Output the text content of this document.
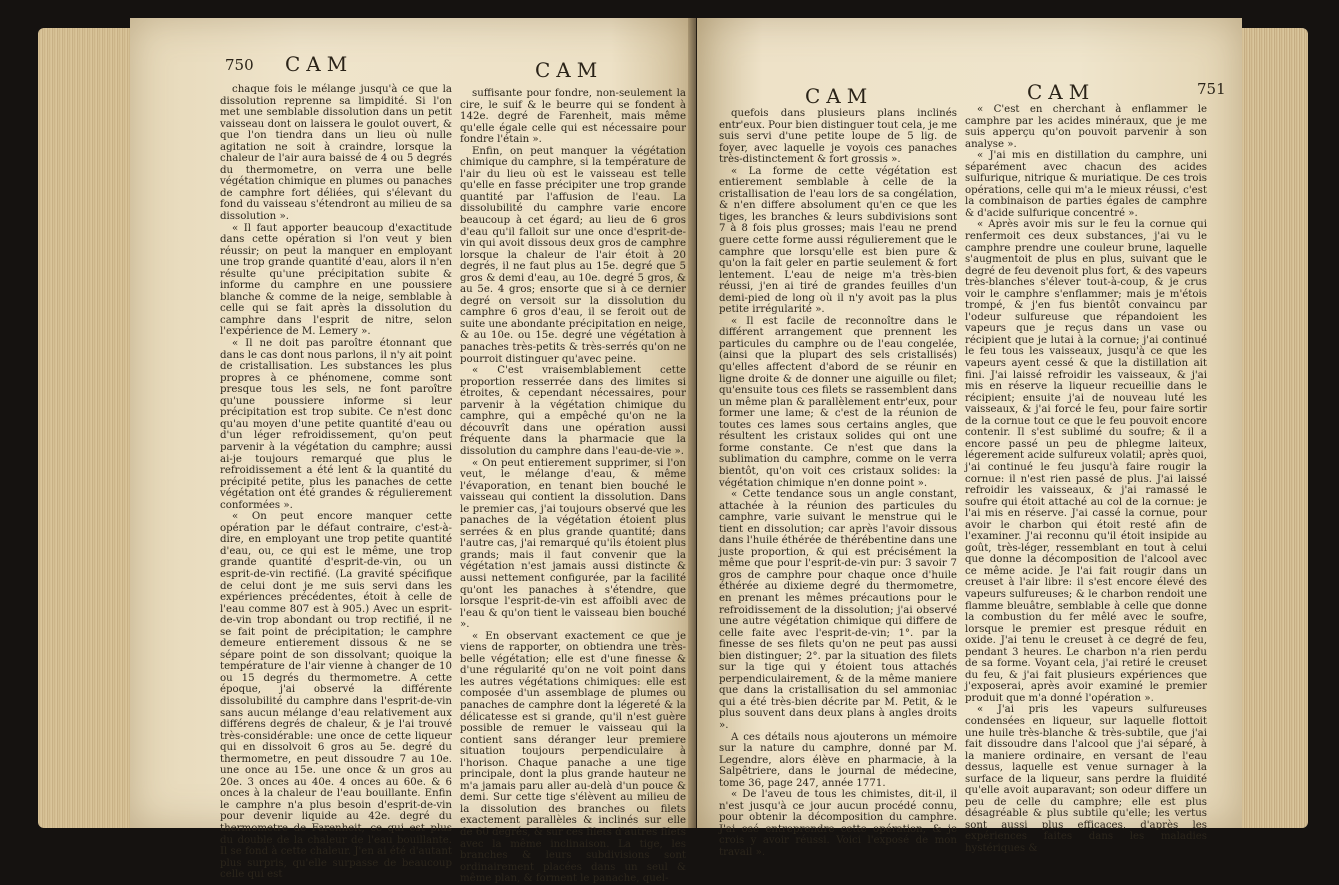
750 CAM	CAM

chaque fois le mélange jusqu'à ce que la dissolution reprenne sa limpidité. Si l'on met une semblable dissolution dans un petit vaisseau dont on laissera le goulot ouvert, & que l'on tiendra dans un lieu où nulle agitation ne soit à craindre, lorsque la chaleur de l'air aura baissé de 4 ou 5 degrés du thermometre, on verra une belle végétation chimique en plumes ou panaches de camphre fort déliées, qui s'élevant du fond du vaisseau s'étendront au milieu de sa dissolution ».

« Il faut apporter beaucoup d'exactitude dans cette opération si l'on veut y bien réussir; on peut la manquer en employant une trop grande quantité d'eau, alors il n'en résulte qu'une précipitation subite & informe du camphre en une poussiere blanche & comme de la neige, semblable à celle qui se fait après la dissolution du camphre dans l'esprit de nitre, selon l'expérience de M. Lemery ».

« Il ne doit pas paroître étonnant que dans le cas dont nous parlons, il n'y ait point de cristallisation. Les substances les plus propres à ce phénomene, comme sont presque tous les sels, ne font paroître qu'une poussiere informe si leur précipitation est trop subite. Ce n'est donc qu'au moyen d'une petite quantité d'eau ou d'un léger refroidissement, qu'on peut parvenir à la végétation du camphre; aussi ai-je toujours remarqué que plus le refroidissement a été lent & la quantité du précipité petite, plus les panaches de cette végétation ont été grandes & régulierement conformées ».

« On peut encore manquer cette opération par le défaut contraire, c'est-à-dire, en employant une trop petite quantité d'eau, ou, ce qui est le même, une trop grande quantité d'esprit-de-vin, ou un esprit-de-vin rectifié. (La gravité spécifique de celui dont je me suis servi dans les expériences précédentes, étoit à celle de l'eau comme 807 est à 905.) Avec un esprit-de-vin trop abondant ou trop rectifié, il ne se fait point de précipitation; le camphre demeure entierement dissous & ne se sépare point de son dissolvant; quoique la température de l'air vienne à changer de 10 ou 15 degrés du thermometre. A cette époque, j'ai observé la différente dissolubilité du camphre dans l'esprit-de-vin sans aucun mélange d'eau relativement aux différens degrés de chaleur, & je l'ai trouvé très-considérable: une once de cette liqueur qui en dissolvoit 6 gros au 5e. degré du thermometre, en peut dissoudre 7 au 10e. une once au 15e. une once & un gros au 20e. 3 onces au 40e. 4 onces au 60e. & 6 onces à la chaleur de l'eau bouillante. Enfin le camphre n'a plus besoin d'esprit-de-vin pour devenir liquide au 42e. degré du thermometre de Farenheit, ce qui est plus du double de la chaleur de l'eau bouillante. Il se fond à cette chaleur. J'en ai été d'autant plus surpris, qu'elle surpasse de beaucoup celle qui est

suffisante pour fondre, non-seulement la cire, le suif & le beurre qui se fondent à 142e. degré de Farenheit, mais même qu'elle égale celle qui est nécessaire pour fondre l'étain ».

Enfin, on peut manquer la végétation chimique du camphre, si la température de l'air du lieu où est le vaisseau est telle qu'elle en fasse précipiter une trop grande quantité par l'affusion de l'eau. La dissolubilité du camphre varie encore beaucoup à cet égard; au lieu de 6 gros d'eau qu'il falloit sur une once d'esprit-de-vin qui avoit dissous deux gros de camphre lorsque la chaleur de l'air étoit à 20 degrés, il ne faut plus au 15e. degré que 5 gros & demi d'eau, au 10e. degré 5 gros, & au 5e. 4 gros; ensorte que si à ce dernier degré on versoit sur la dissolution du camphre 6 gros d'eau, il se feroit out de suite une abondante précipitation en neige, & au 10e. ou 15e. degré une végétation à panaches très-petits & très-serrés qu'on ne pourroit distinguer qu'avec peine.

« C'est vraisemblablement cette proportion resserrée dans des limites si étroites, & cependant nécessaires, pour parvenir à la végétation chimique du camphre, qui a empêché qu'on ne la découvrît dans une opération aussi fréquente dans la pharmacie que la dissolution du camphre dans l'eau-de-vie ».

« On peut entierement supprimer, si l'on veut, le mélange d'eau, & même l'évaporation, en tenant bien bouché le vaisseau qui contient la dissolution. Dans le premier cas, j'ai toujours observé que les panaches de la végétation étoient plus serrées & en plus grande quantité; dans l'autre cas, j'ai remarqué qu'ils étoient plus grands; mais il faut convenir que la végétation n'est jamais aussi distincte & aussi nettement configurée, par la facilité qu'ont les panaches à s'étendre, que lorsque l'esprit-de-vin est affoibli avec de l'eau & qu'on tient le vaisseau bien bouché ».

« En observant exactement ce que je viens de rapporter, on obtiendra une très-belle végétation; elle est d'une finesse & d'une régularité qu'on ne voit point dans les autres végétations chimiques: elle est composée d'un assemblage de plumes ou panaches de camphre dont la légereté & la délicatesse est si grande, qu'il n'est guère possible de remuer le vaisseau qui la contient sans déranger leur premiere situation toujours perpendiculaire à l'horison. Chaque panache a une tige principale, dont la plus grande hauteur ne m'a jamais paru aller au-delà d'un pouce & demi. Sur cette tige s'élèvent au milieu de la dissolution des branches ou filets exactement parallèles & inclinés sur elle de 60 degrés, & sur ces filets d'autres filets avec la même inclinaison. La tige, les branches & leurs subdivisions sont ordinairement placées dans un seul & même plan, & forment le panache, quel-

CAM	CAM	751

quefois dans plusieurs plans inclinés entr'eux. Pour bien distinguer tout cela, je me suis servi d'une petite loupe de 5 lig. de foyer, avec laquelle je voyois ces panaches très-distinctement & fort grossis ».

« La forme de cette végétation est entierement semblable à celle de la cristallisation de l'eau lors de sa congélation, & n'en differe absolument qu'en ce que les tiges, les branches & leurs subdivisions sont 7 à 8 fois plus grosses; mais l'eau ne prend guere cette forme aussi régulierement que le camphre que lorsqu'elle est bien pure & qu'on la fait geler en partie seulement & fort lentement. L'eau de neige m'a très-bien réussi, j'en ai tiré de grandes feuilles d'un demi-pied de long où il n'y avoit pas la plus petite irrégularité ».

« Il est facile de reconnoître dans le différent arrangement que prennent les particules du camphre ou de l'eau congelée, (ainsi que la plupart des sels cristallisés) qu'elles affectent d'abord de se réunir en ligne droite & de donner une aiguille ou filet; qu'ensuite tous ces filets se rassemblent dans un même plan & parallèlement entr'eux, pour former une lame; & c'est de la réunion de toutes ces lames sous certains angles, que résultent les cristaux solides qui ont une forme constante. Ce n'est que dans la sublimation du camphre, comme on le verra bientôt, qu'on voit ces cristaux solides: la végétation chimique n'en donne point ».

« Cette tendance sous un angle constant, attachée à la réunion des particules du camphre, varie suivant le menstrue qui le tient en dissolution; car après l'avoir dissous dans l'huile éthérée de thérébentine dans une juste proportion, & qui est précisément la même que pour l'esprit-de-vin pur: 3 savoir 7 gros de camphre pour chaque once d'huile éthérée au dixieme degré du thermometre, en prenant les mêmes précautions pour le refroidissement de la dissolution; j'ai observé une autre végétation chimique qui differe de celle faite avec l'esprit-de-vin; 1°. par la finesse de ses filets qu'on ne peut pas aussi bien distinguer; 2°. par la situation des filets sur la tige qui y étoient tous attachés perpendiculairement, & de la même maniere que dans la cristallisation du sel ammoniac qui a été très-bien décrite par M. Petit, & le plus souvent dans deux plans à angles droits ».

A ces détails nous ajouterons un mémoire sur la nature du camphre, donné par M. Legendre, alors élève en pharmacie, à la Salpêtriere, dans le journal de médecine, tome 36, page 247, année 1771.

« De l'aveu de tous les chimistes, dit-il, il n'est jusqu'à ce jour aucun procédé connu, pour obtenir la décomposition du camphre. J'ai osé entreprendre cette opération, & je crois y avoir réussi. Voici l'exposé de mon travail ».

« C'est en cherchant à enflammer le camphre par les acides minéraux, que je me suis apperçu qu'on pouvoit parvenir à son analyse ».

« J'ai mis en distillation du camphre, uni séparément avec chacun des acides sulfurique, nitrique & muriatique. De ces trois opérations, celle qui m'a le mieux réussi, c'est la combinaison de parties égales de camphre & d'acide sulfurique concentré ».

« Après avoir mis sur le feu la cornue qui renfermoit ces deux substances, j'ai vu le camphre prendre une couleur brune, laquelle s'augmentoit de plus en plus, suivant que le degré de feu devenoit plus fort, & des vapeurs très-blanches s'élever tout-à-coup, & je crus voir le camphre s'enflammer; mais je m'étois trompé, & j'en fus bientôt convaincu par l'odeur sulfureuse que répandoient les vapeurs que je reçus dans un vase ou récipient que je lutai à la cornue; j'ai continué le feu tous les vaisseaux, jusqu'à ce que les vapeurs ayent cessé & que la distillation ait fini. J'ai laissé refroidir les vaisseaux, & j'ai mis en réserve la liqueur recueillie dans le récipient; ensuite j'ai de nouveau luté les vaisseaux, & j'ai forcé le feu, pour faire sortir de la cornue tout ce que le feu pouvoit encore contenir. Il s'est sublimé du soufre; & il a encore passé un peu de phlegme laiteux, légerement acide sulfureux volatil; après quoi, j'ai continué le feu jusqu'à faire rougir la cornue: il n'est rien passé de plus. J'ai laissé refroidir les vaisseaux, & j'ai ramassé le soufre qui étoit attaché au col de la cornue: je l'ai mis en réserve. J'ai cassé la cornue, pour avoir le charbon qui étoit resté afin de l'examiner. J'ai reconnu qu'il étoit insipide au goût, très-léger, ressemblant en tout à celui que donne la décomposition de l'alcool avec ce même acide. Je l'ai fait rougir dans un creuset à l'air libre: il s'est encore élevé des vapeurs sulfureuses; & le charbon rendoit une flamme bleuâtre, semblable à celle que donne la combustion du fer mêlé avec le soufre, lorsque le premier est presque réduit en oxide. J'ai tenu le creuset à ce degré de feu, pendant 3 heures. Le charbon n'a rien perdu de sa forme. Voyant cela, j'ai retiré le creuset du feu, & j'ai fait plusieurs expériences que j'exposerai, après avoir examiné le premier produit que m'a donné l'opération ».

« J'ai pris les vapeurs sulfureuses condensées en liqueur, sur laquelle flottoit une huile très-blanche & très-subtile, que j'ai fait dissoudre dans l'alcool que j'ai séparé, à la maniere ordinaire, en versant de l'eau dessus, laquelle est venue surnager à la surface de la liqueur, sans perdre la fluidité qu'elle avoit auparavant; son odeur differe un peu de celle du camphre; elle est plus désagréable & plus subtile qu'elle; les vertus sont aussi plus efficaces, d'après les expériences faites dans les maladies hystériques &
